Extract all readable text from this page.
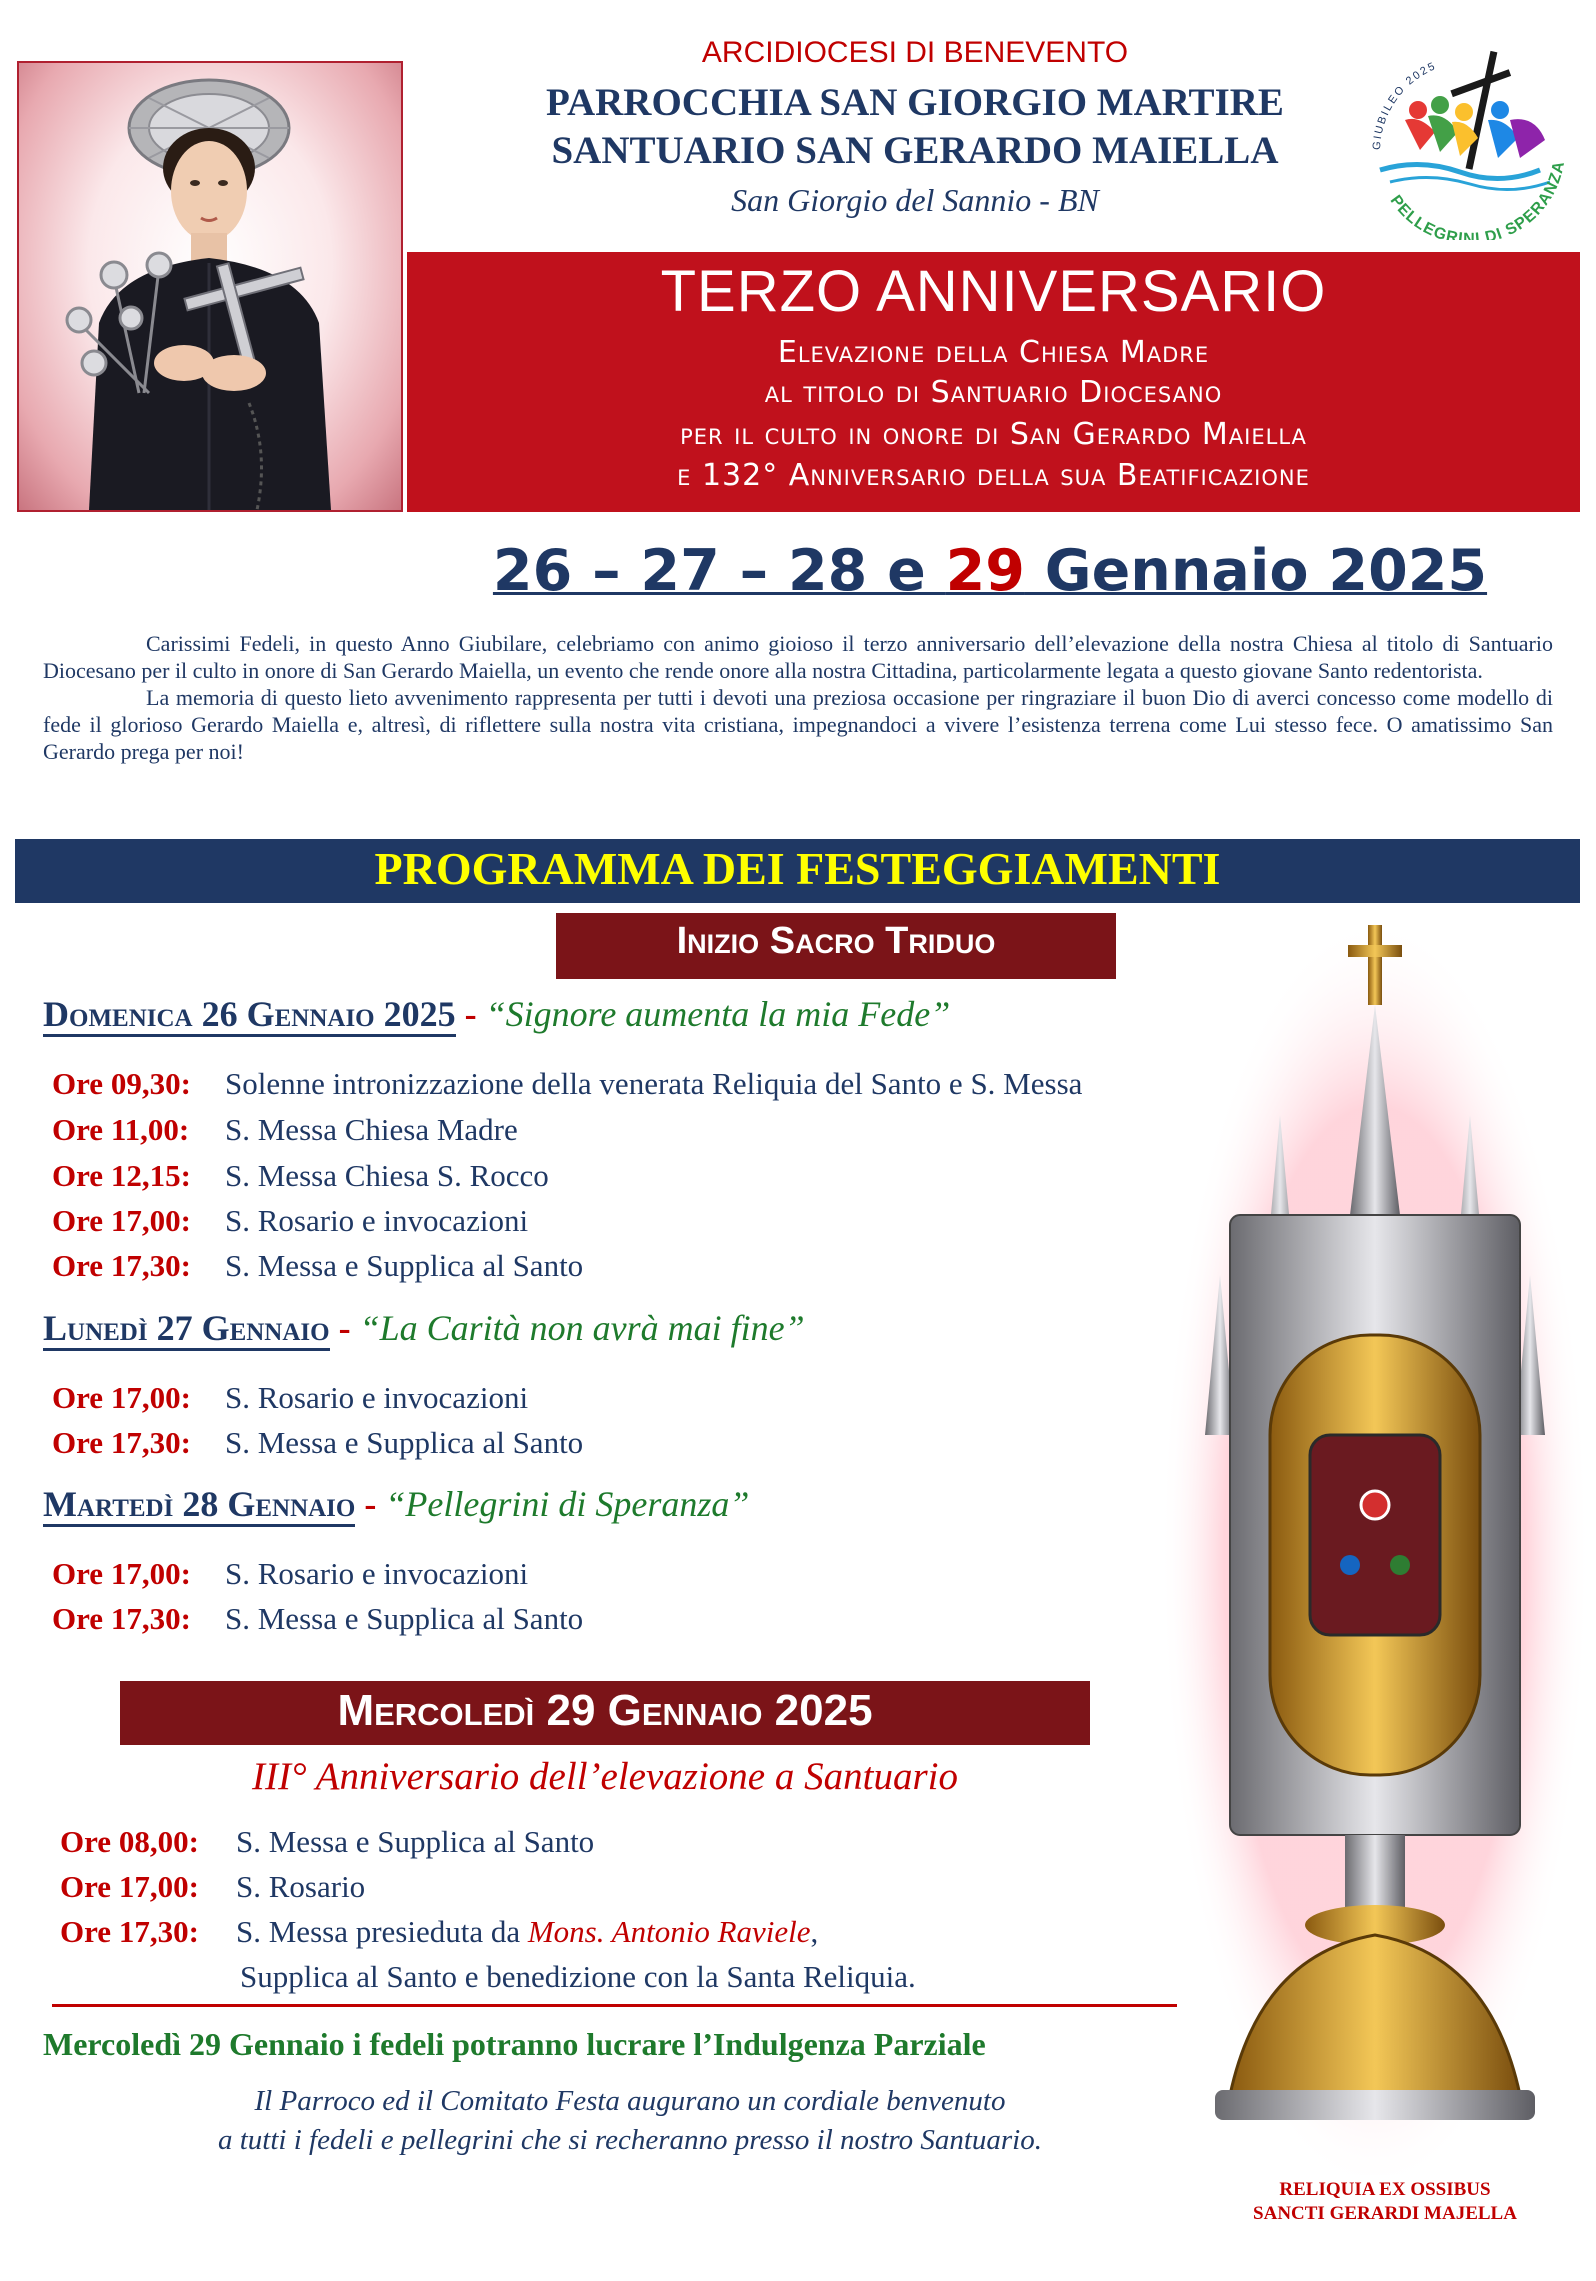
ARCIDIOCESI DI BENEVENTO
PARROCCHIA SAN GIORGIO MARTIRE
SANTUARIO SAN GERARDO MAIELLA
San Giorgio del Sannio - BN
GIUBILEO 2025
PELLEGRINI DI SPERANZA
TERZO ANNIVERSARIO
Elevazione della Chiesa Madre
al titolo di Santuario Diocesano
per il culto in onore di San Gerardo Maiella
e 132° Anniversario della sua Beatificazione
26 – 27 – 28 e 29 Gennaio 2025

Carissimi Fedeli, in questo Anno Giubilare, celebriamo con animo gioioso il terzo anniversario dell’elevazione della nostra Chiesa al titolo di Santuario Diocesano per il culto in onore di San Gerardo Maiella, un evento che rende onore alla nostra Cittadina, particolarmente legata a questo giovane Santo redentorista.

La memoria di questo lieto avvenimento rappresenta per tutti i devoti una preziosa occasione per ringraziare il buon Dio di averci concesso come modello di fede il glorioso Gerardo Maiella e, altresì, di riflettere sulla nostra vita cristiana, impegnandoci a vivere l’esistenza terrena come Lui stesso fece. O amatissimo San Gerardo prega per noi!

PROGRAMMA DEI FESTEGGIAMENTI
Inizio Sacro Triduo
Domenica 26 Gennaio 2025 - “Signore aumenta la mia Fede”
Ore 09,30: Solenne intronizzazione della venerata Reliquia del Santo e S. Messa
Ore 11,00: S. Messa Chiesa Madre
Ore 12,15: S. Messa Chiesa S. Rocco
Ore 17,00: S. Rosario e invocazioni
Ore 17,30: S. Messa e Supplica al Santo
Lunedì 27 Gennaio - “La Carità non avrà mai fine”
Ore 17,00: S. Rosario e invocazioni
Ore 17,30: S. Messa e Supplica al Santo
Martedì 28 Gennaio - “Pellegrini di Speranza”
Ore 17,00: S. Rosario e invocazioni
Ore 17,30: S. Messa e Supplica al Santo
Mercoledì 29 Gennaio 2025
III° Anniversario dell’elevazione a Santuario
Ore 08,00: S. Messa e Supplica al Santo
Ore 17,00: S. Rosario
Ore 17,30: S. Messa presieduta da Mons. Antonio Raviele,
Supplica al Santo e benedizione con la Santa Reliquia.
Mercoledì 29 Gennaio i fedeli potranno lucrare l’Indulgenza Parziale
Il Parroco ed il Comitato Festa augurano un cordiale benvenuto
a tutti i fedeli e pellegrini che si recheranno presso il nostro Santuario.
RELIQUIA EX OSSIBUS
SANCTI GERARDI MAJELLA
